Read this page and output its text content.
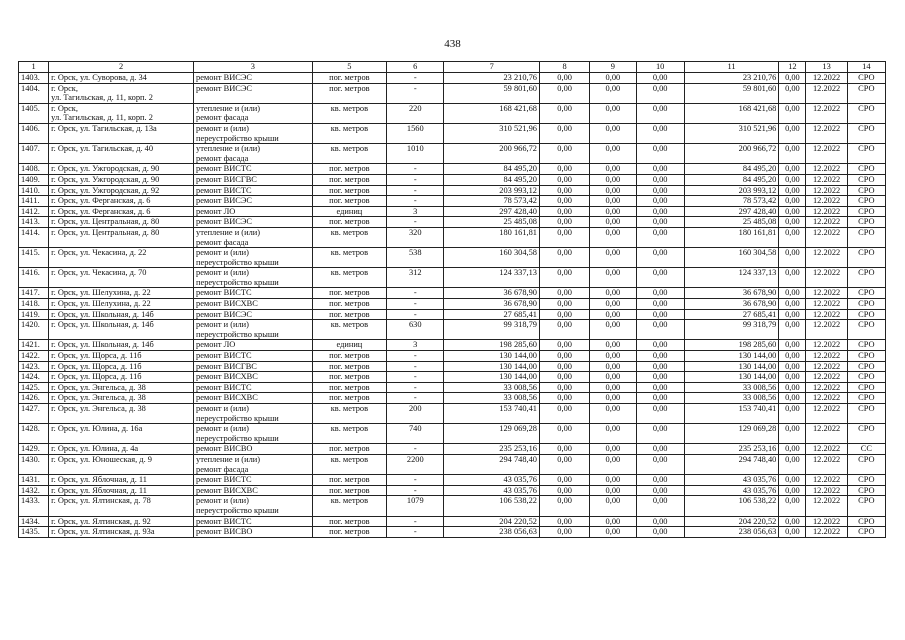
438
1	2	3	5	6	7	8	9	10	11	12	13	14
1403.	г. Орск, ул. Суворова, д. 34	ремонт ВИСЭС	пог. метров	-	23 210,76	0,00	0,00	0,00	23 210,76	0,00	12.2022	СРО
1404.	г. Орск,
ул. Тагильская, д. 11, корп. 2	ремонт ВИСЭС	пог. метров	-	59 801,60	0,00	0,00	0,00	59 801,60	0,00	12.2022	СРО
1405.	г. Орск,
ул. Тагильская, д. 11, корп. 2	утепление и (или)
ремонт фасада	кв. метров	220	168 421,68	0,00	0,00	0,00	168 421,68	0,00	12.2022	СРО
1406.	г. Орск, ул. Тагильская, д. 13а	ремонт и (или)
переустройство крыши	кв. метров	1560	310 521,96	0,00	0,00	0,00	310 521,96	0,00	12.2022	СРО
1407.	г. Орск, ул. Тагильская, д. 40	утепление и (или)
ремонт фасада	кв. метров	1010	200 966,72	0,00	0,00	0,00	200 966,72	0,00	12.2022	СРО
1408.	г. Орск, ул. Ужгородская, д. 90	ремонт ВИСТС	пог. метров	-	84 495,20	0,00	0,00	0,00	84 495,20	0,00	12.2022	СРО
1409.	г. Орск, ул. Ужгородская, д. 90	ремонт ВИСГВС	пог. метров	-	84 495,20	0,00	0,00	0,00	84 495,20	0,00	12.2022	СРО
1410.	г. Орск, ул. Ужгородская, д. 92	ремонт ВИСТС	пог. метров	-	203 993,12	0,00	0,00	0,00	203 993,12	0,00	12.2022	СРО
1411.	г. Орск, ул. Ферганская, д. 6	ремонт ВИСЭС	пог. метров	-	78 573,42	0,00	0,00	0,00	78 573,42	0,00	12.2022	СРО
1412.	г. Орск, ул. Ферганская, д. 6	ремонт ЛО	единиц	3	297 428,40	0,00	0,00	0,00	297 428,40	0,00	12.2022	СРО
1413.	г. Орск, ул. Центральная, д. 80	ремонт ВИСЭС	пог. метров	-	25 485,08	0,00	0,00	0,00	25 485,08	0,00	12.2022	СРО
1414.	г. Орск, ул. Центральная, д. 80	утепление и (или)
ремонт фасада	кв. метров	320	180 161,81	0,00	0,00	0,00	180 161,81	0,00	12.2022	СРО
1415.	г. Орск, ул. Чекасина, д. 22	ремонт и (или)
переустройство крыши	кв. метров	538	160 304,58	0,00	0,00	0,00	160 304,58	0,00	12.2022	СРО
1416.	г. Орск, ул. Чекасина, д. 70	ремонт и (или)
переустройство крыши	кв. метров	312	124 337,13	0,00	0,00	0,00	124 337,13	0,00	12.2022	СРО
1417.	г. Орск, ул. Шелухина, д. 22	ремонт ВИСТС	пог. метров	-	36 678,90	0,00	0,00	0,00	36 678,90	0,00	12.2022	СРО
1418.	г. Орск, ул. Шелухина, д. 22	ремонт ВИСХВС	пог. метров	-	36 678,90	0,00	0,00	0,00	36 678,90	0,00	12.2022	СРО
1419.	г. Орск, ул. Школьная, д. 14б	ремонт ВИСЭС	пог. метров	-	27 685,41	0,00	0,00	0,00	27 685,41	0,00	12.2022	СРО
1420.	г. Орск, ул. Школьная, д. 14б	ремонт и (или)
переустройство крыши	кв. метров	630	99 318,79	0,00	0,00	0,00	99 318,79	0,00	12.2022	СРО
1421.	г. Орск, ул. Школьная, д. 14б	ремонт ЛО	единиц	3	198 285,60	0,00	0,00	0,00	198 285,60	0,00	12.2022	СРО
1422.	г. Орск, ул. Щорса, д. 11б	ремонт ВИСТС	пог. метров	-	130 144,00	0,00	0,00	0,00	130 144,00	0,00	12.2022	СРО
1423.	г. Орск, ул. Щорса, д. 11б	ремонт ВИСГВС	пог. метров	-	130 144,00	0,00	0,00	0,00	130 144,00	0,00	12.2022	СРО
1424.	г. Орск, ул. Щорса, д. 11б	ремонт ВИСХВС	пог. метров	-	130 144,00	0,00	0,00	0,00	130 144,00	0,00	12.2022	СРО
1425.	г. Орск, ул. Энгельса, д. 38	ремонт ВИСТС	пог. метров	-	33 008,56	0,00	0,00	0,00	33 008,56	0,00	12.2022	СРО
1426.	г. Орск, ул. Энгельса, д. 38	ремонт ВИСХВС	пог. метров	-	33 008,56	0,00	0,00	0,00	33 008,56	0,00	12.2022	СРО
1427.	г. Орск, ул. Энгельса, д. 38	ремонт и (или)
переустройство крыши	кв. метров	200	153 740,41	0,00	0,00	0,00	153 740,41	0,00	12.2022	СРО
1428.	г. Орск, ул. Юлина, д. 16а	ремонт и (или)
переустройство крыши	кв. метров	740	129 069,28	0,00	0,00	0,00	129 069,28	0,00	12.2022	СРО
1429.	г. Орск, ул. Юлина, д. 4а	ремонт ВИСВО	пог. метров	-	235 253,16	0,00	0,00	0,00	235 253,16	0,00	12.2022	СС
1430.	г. Орск, ул. Юношеская, д. 9	утепление и (или)
ремонт фасада	кв. метров	2200	294 748,40	0,00	0,00	0,00	294 748,40	0,00	12.2022	СРО
1431.	г. Орск, ул. Яблочная, д. 11	ремонт ВИСТС	пог. метров	-	43 035,76	0,00	0,00	0,00	43 035,76	0,00	12.2022	СРО
1432.	г. Орск, ул. Яблочная, д. 11	ремонт ВИСХВС	пог. метров	-	43 035,76	0,00	0,00	0,00	43 035,76	0,00	12.2022	СРО
1433.	г. Орск, ул. Ялтинская, д. 78	ремонт и (или)
переустройство крыши	кв. метров	1079	106 538,22	0,00	0,00	0,00	106 538,22	0,00	12.2022	СРО
1434.	г. Орск, ул. Ялтинская, д. 92	ремонт ВИСТС	пог. метров	-	204 220,52	0,00	0,00	0,00	204 220,52	0,00	12.2022	СРО
1435.	г. Орск, ул. Ялтинская, д. 93а	ремонт ВИСВО	пог. метров	-	238 056,63	0,00	0,00	0,00	238 056,63	0,00	12.2022	СРО
